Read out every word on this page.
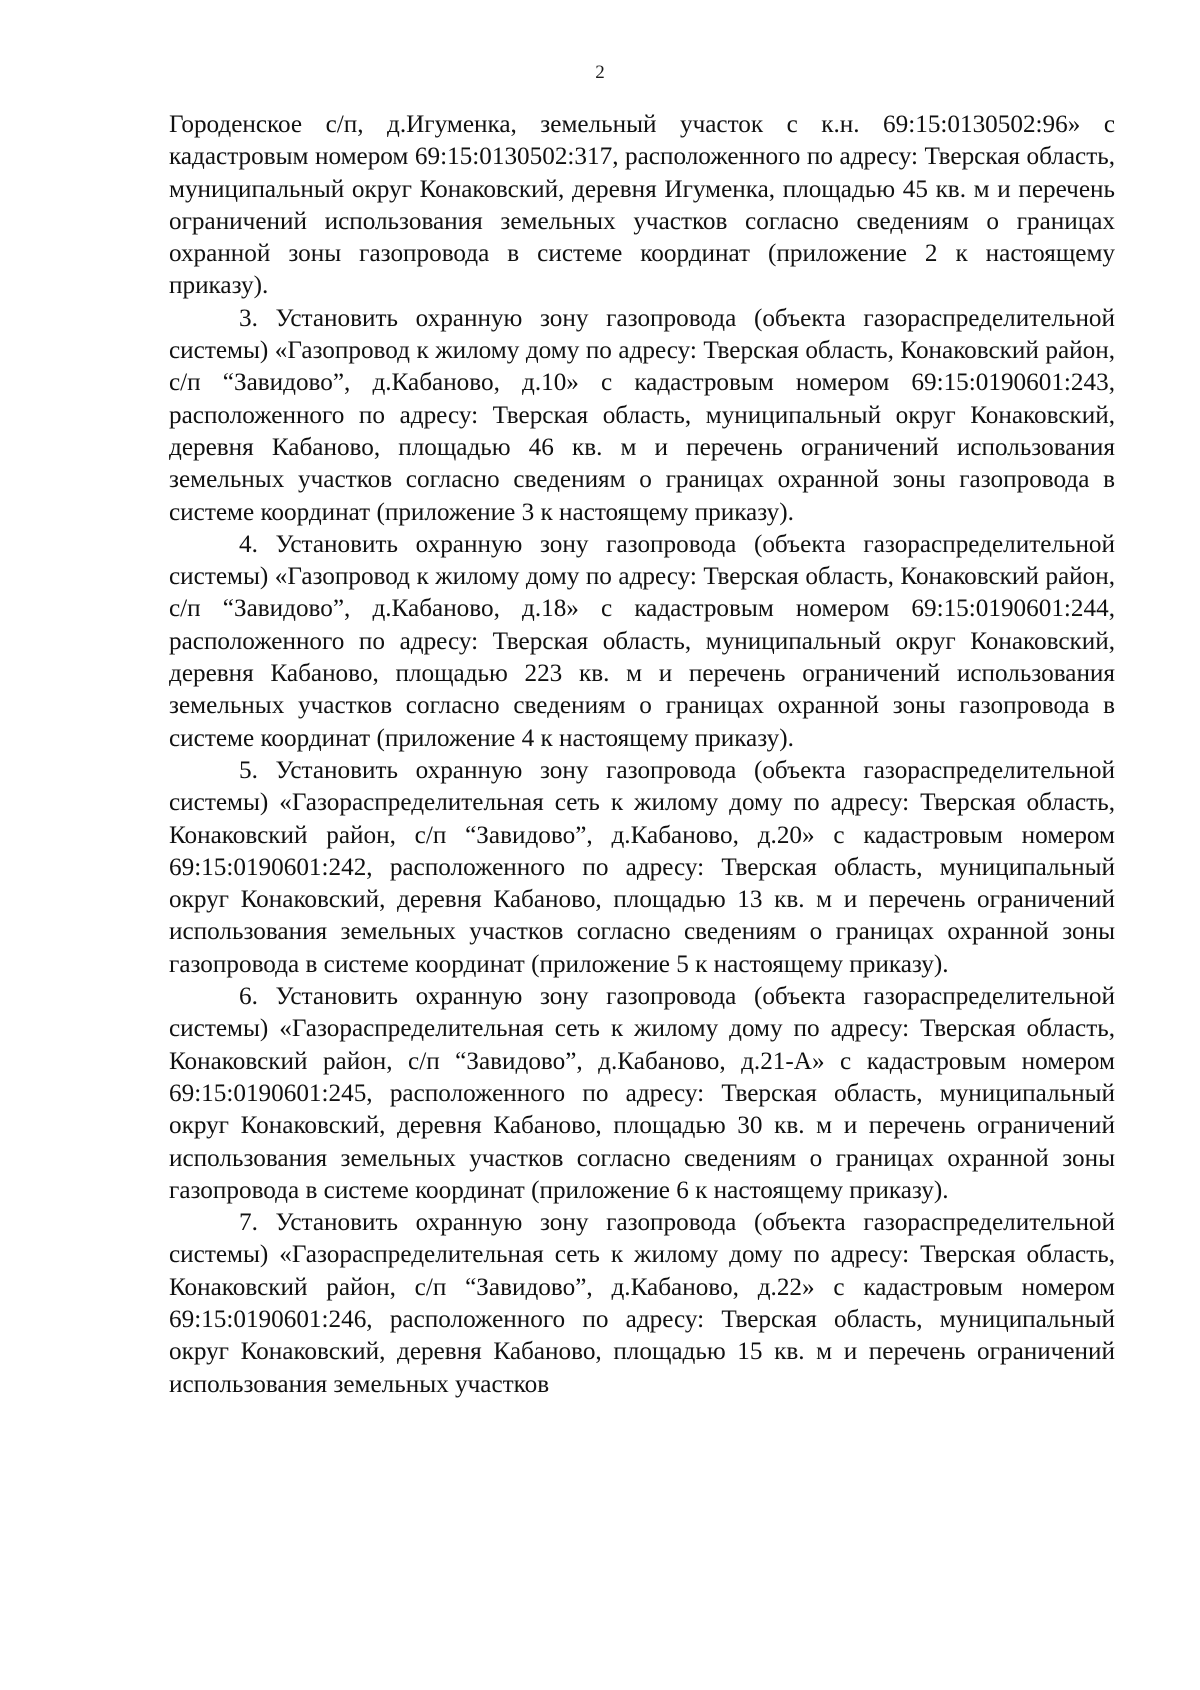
2

Городенское с/п, д.Игуменка, земельный участок с к.н. 69:15:0130502:96» с кадастровым номером 69:15:0130502:317, расположенного по адресу: Тверская область, муниципальный округ Конаковский, деревня Игуменка, площадью 45 кв. м и перечень ограничений использования земельных участков согласно сведениям о границах охранной зоны газопровода в системе координат (приложение 2 к настоящему приказу).

3. Установить охранную зону газопровода (объекта газораспределительной системы) «Газопровод к жилому дому по адресу: Тверская область, Конаковский район, с/п “Завидово”, д.Кабаново, д.10» с кадастровым номером 69:15:0190601:243, расположенного по адресу: Тверская область, муниципальный округ Конаковский, деревня Кабаново, площадью 46 кв. м и перечень ограничений использования земельных участков согласно сведениям о границах охранной зоны газопровода в системе координат (приложение 3 к настоящему приказу).

4. Установить охранную зону газопровода (объекта газораспределительной системы) «Газопровод к жилому дому по адресу: Тверская область, Конаковский район, с/п “Завидово”, д.Кабаново, д.18» с кадастровым номером 69:15:0190601:244, расположенного по адресу: Тверская область, муниципальный округ Конаковский, деревня Кабаново, площадью 223 кв. м и перечень ограничений использования земельных участков согласно сведениям о границах охранной зоны газопровода в системе координат (приложение 4 к настоящему приказу).

5. Установить охранную зону газопровода (объекта газораспределительной системы) «Газораспределительная сеть к жилому дому по адресу: Тверская область, Конаковский район, с/п “Завидово”, д.Кабаново, д.20» с кадастровым номером 69:15:0190601:242, расположенного по адресу: Тверская область, муниципальный округ Конаковский, деревня Кабаново, площадью 13 кв. м и перечень ограничений использования земельных участков согласно сведениям о границах охранной зоны газопровода в системе координат (приложение 5 к настоящему приказу).

6. Установить охранную зону газопровода (объекта газораспределительной системы) «Газораспределительная сеть к жилому дому по адресу: Тверская область, Конаковский район, с/п “Завидово”, д.Кабаново, д.21-А» с кадастровым номером 69:15:0190601:245, расположенного по адресу: Тверская область, муниципальный округ Конаковский, деревня Кабаново, площадью 30 кв. м и перечень ограничений использования земельных участков согласно сведениям о границах охранной зоны газопровода в системе координат (приложение 6 к настоящему приказу).

7. Установить охранную зону газопровода (объекта газораспределительной системы) «Газораспределительная сеть к жилому дому по адресу: Тверская область, Конаковский район, с/п “Завидово”, д.Кабаново, д.22» с кадастровым номером 69:15:0190601:246, расположенного по адресу: Тверская область, муниципальный округ Конаковский, деревня Кабаново, площадью 15 кв. м и перечень ограничений использования земельных участков
